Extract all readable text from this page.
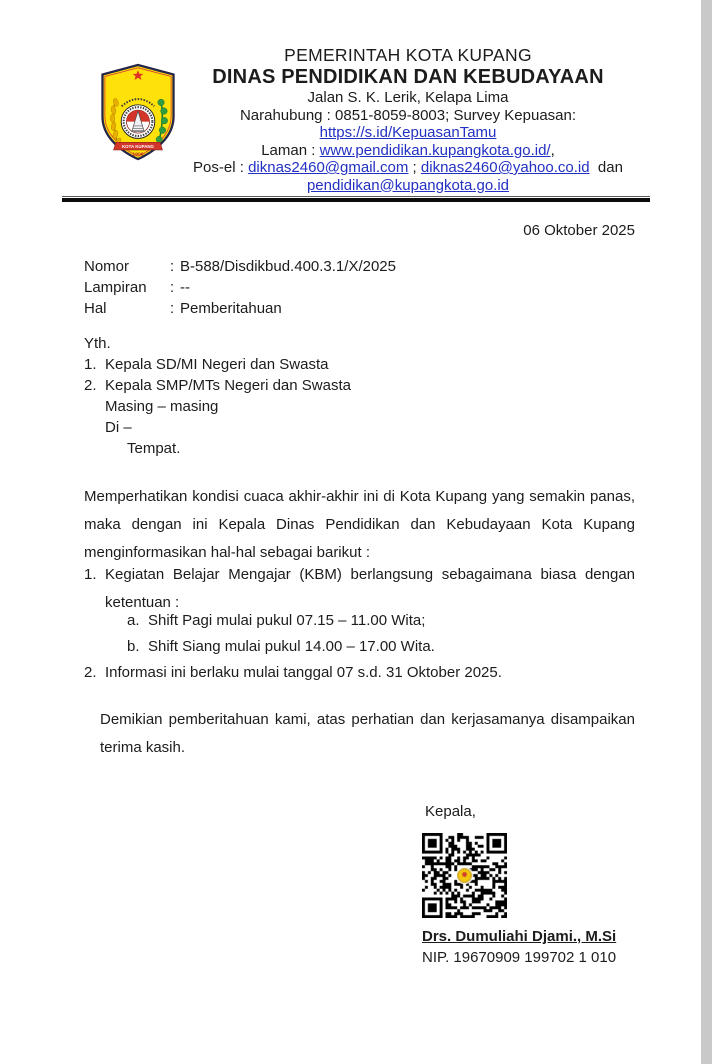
KOTA KUPANG
1996
PEMERINTAH KOTA KUPANG
DINAS PENDIDIKAN DAN KEBUDAYAAN
Jalan S. K. Lerik, Kelapa Lima
Narahubung : 0851-8059-8003; Survey Kepuasan:
https://s.id/KepuasanTamu
Laman : www.pendidikan.kupangkota.go.id/,
Pos-el : diknas2460@gmail.com ; diknas2460@yahoo.co.id dan
pendidikan@kupangkota.go.id
06 Oktober 2025
Nomor	: B-588/Disdikbud.400.3.1/X/2025
Lampiran	: --
Hal	: Pemberitahuan
Yth.
1. Kepala SD/MI Negeri dan Swasta
2. Kepala SMP/MTs Negeri dan Swasta
Masing – masing
Di –
Tempat.

Memperhatikan kondisi cuaca akhir-akhir ini di Kota Kupang yang semakin panas, maka dengan ini Kepala Dinas Pendidikan dan Kebudayaan Kota Kupang menginformasikan hal-hal sebagai barikut :

1. Kegiatan Belajar Mengajar (KBM) berlangsung sebagaimana biasa dengan ketentuan :
a. Shift Pagi mulai pukul 07.15 – 11.00 Wita;
b. Shift Siang mulai pukul 14.00 – 17.00 Wita.
2. Informasi ini berlaku mulai tanggal 07 s.d. 31 Oktober 2025.

Demikian pemberitahuan kami, atas perhatian dan kerjasamanya disampaikan terima kasih.

Kepala,
Drs. Dumuliahi Djami., M.Si
NIP. 19670909 199702 1 010
